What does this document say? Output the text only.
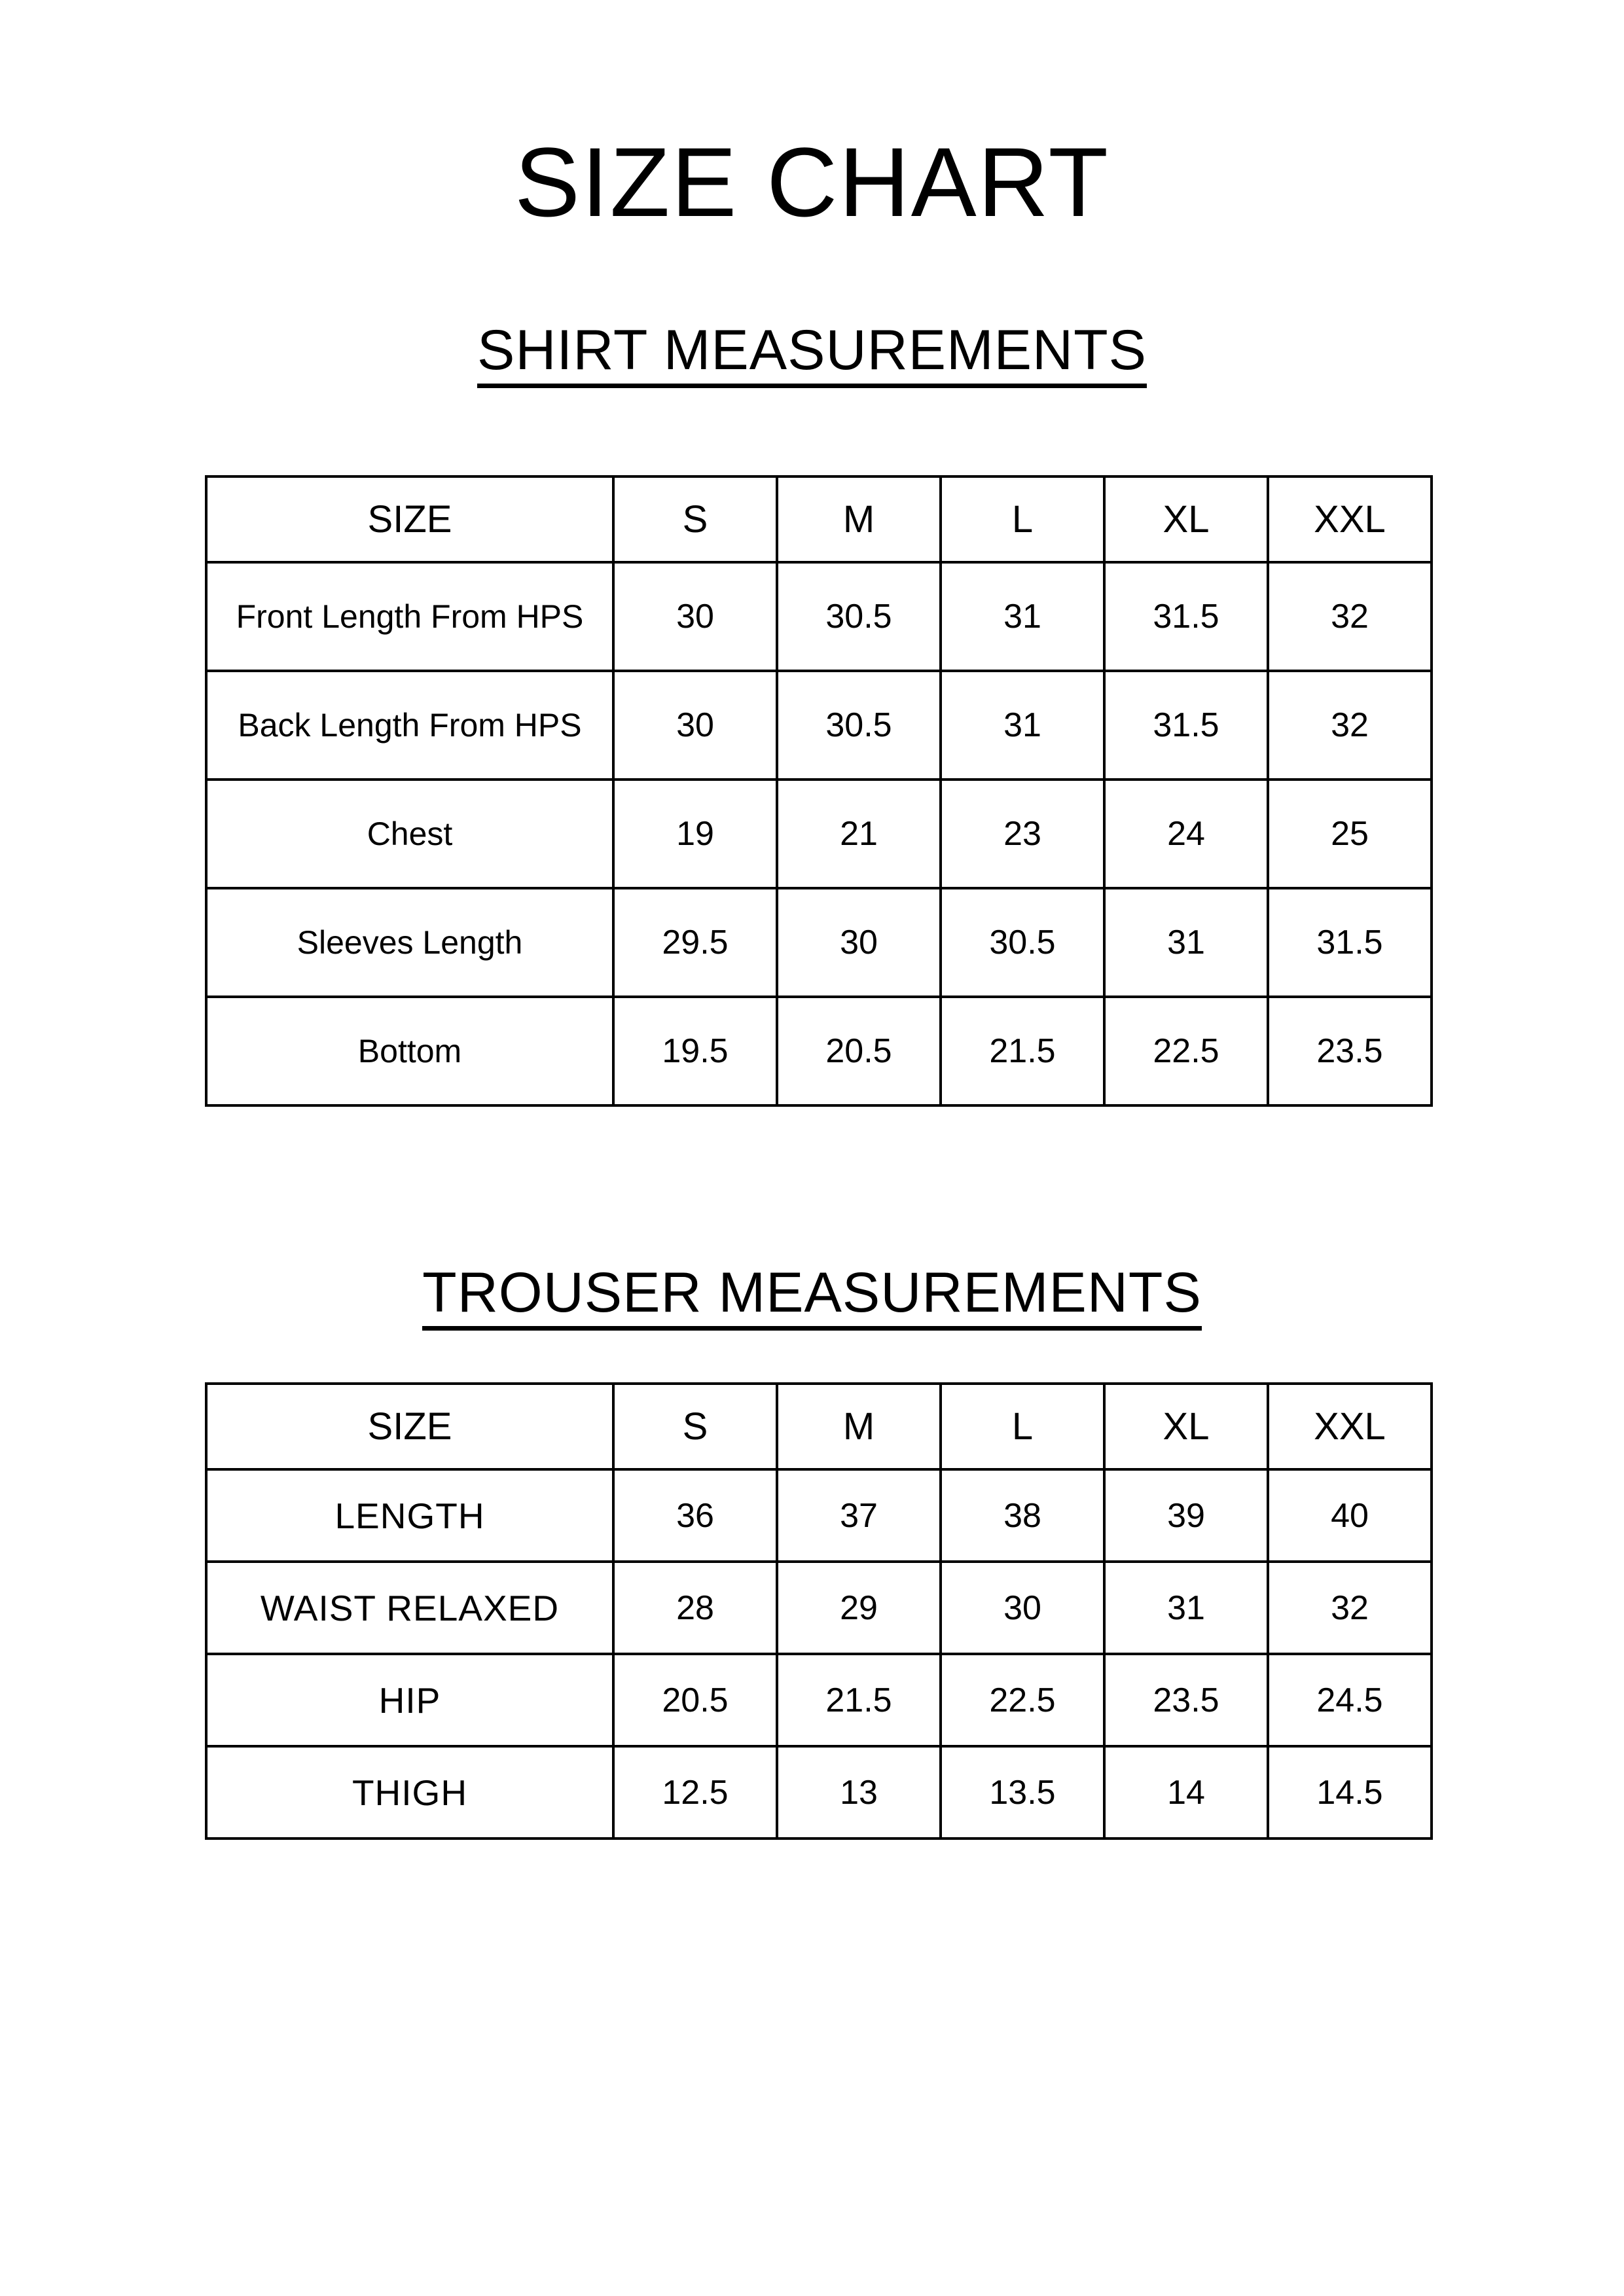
SIZE CHART
SHIRT MEASUREMENTS
SIZE	S	M	L	XL	XXL
Front Length From HPS	30	30.5	31	31.5	32
Back Length From HPS	30	30.5	31	31.5	32
Chest	19	21	23	24	25
Sleeves Length	29.5	30	30.5	31	31.5
Bottom	19.5	20.5	21.5	22.5	23.5
TROUSER MEASUREMENTS
SIZE	S	M	L	XL	XXL
LENGTH	36	37	38	39	40
WAIST RELAXED	28	29	30	31	32
HIP	20.5	21.5	22.5	23.5	24.5
THIGH	12.5	13	13.5	14	14.5
